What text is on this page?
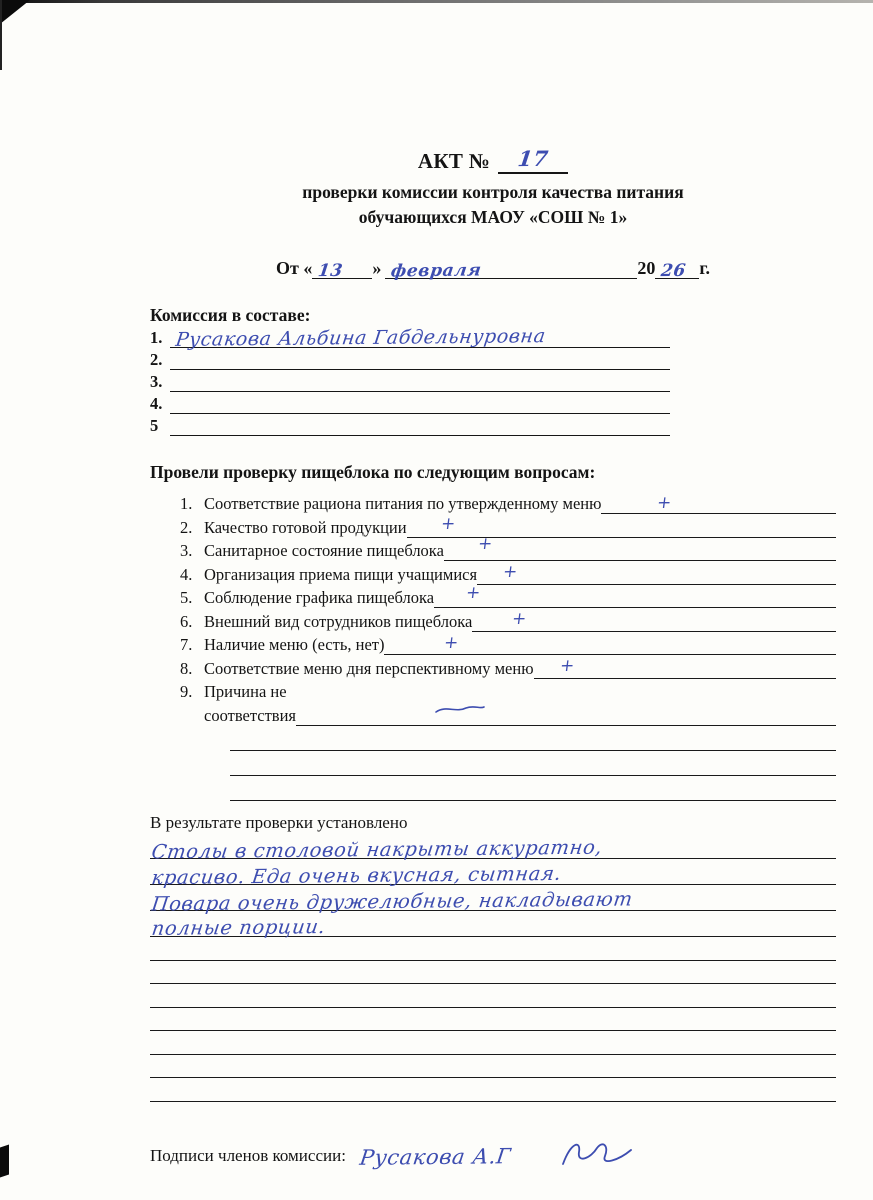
АКТ № 17
проверки комиссии контроля качества питания
обучающихся МАОУ «СОШ № 1»
От « 13 » февраля	20 26 г.
Комиссия в составе:
1. Русакова Альбина Габдельнуровна
2.
3.
4.
5
Провели проверку пищеблока по следующим вопросам:
1. Соответствие рациона питания по утвержденному меню	+
2. Качество готовой продукции +
3. Санитарное состояние пищеблока +
4. Организация приема пищи учащимися +
5. Соблюдение графика пищеблока +
6. Внешний вид сотрудников пищеблока +
7. Наличие меню (есть, нет)	+
8. Соответствие меню дня перспективному меню +
9. Причина не
соответствия
В результате проверки установлено
Столы в столовой накрыты аккуратно,
красиво. Еда очень вкусная, сытная.
Повара очень дружелюбные, накладывают
полные порции.
Подписи членов комиссии: Русакова А.Г
